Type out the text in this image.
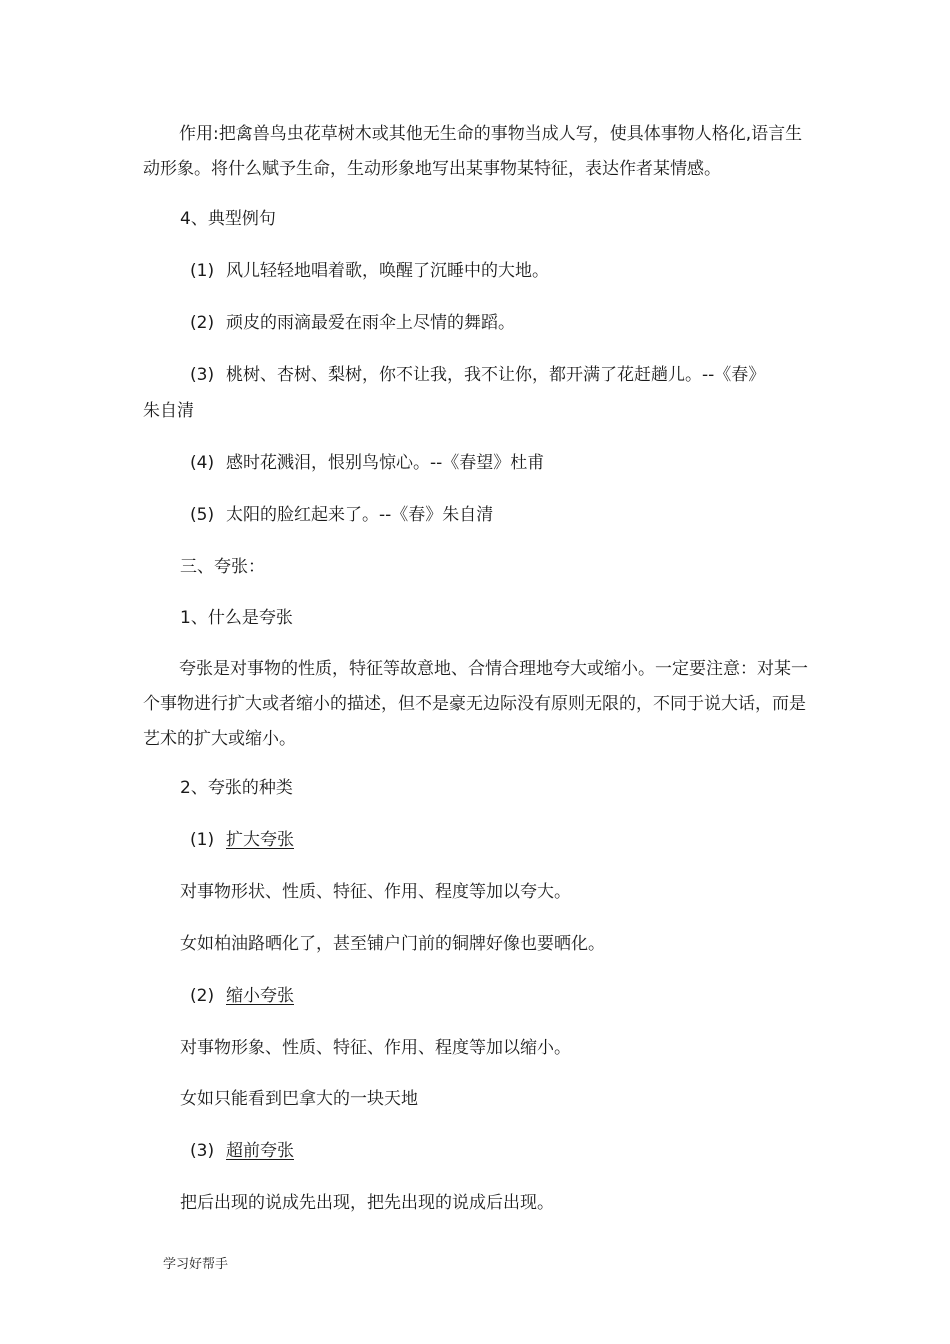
作用:把禽兽鸟虫花草树木或其他无生命的事物当成人写，使具体事物人格化,语言生动形象。将什么赋予生命，生动形象地写出某事物某特征，表达作者某情感。

4、典型例句

(1) 风儿轻轻地唱着歌，唤醒了沉睡中的大地。

(2) 顽皮的雨滴最爱在雨伞上尽情的舞蹈。

(3) 桃树、杏树、梨树，你不让我，我不让你，都开满了花赶趟儿。--《春》

朱自清

(4) 感时花溅泪，恨别鸟惊心。--《春望》杜甫

(5) 太阳的脸红起来了。--《春》朱自清

三、夸张：

1、什么是夸张

夸张是对事物的性质，特征等故意地、合情合理地夸大或缩小。一定要注意：对某一个事物进行扩大或者缩小的描述，但不是豪无边际没有原则无限的，不同于说大话，而是艺术的扩大或缩小。

2、夸张的种类

(1) 扩大夸张

对事物形状、性质、特征、作用、程度等加以夸大。

女如柏油路晒化了，甚至铺户门前的铜牌好像也要晒化。

(2) 缩小夸张

对事物形象、性质、特征、作用、程度等加以缩小。

女如只能看到巴拿大的一块天地

(3) 超前夸张

把后出现的说成先出现，把先出现的说成后出现。

学习好帮手
